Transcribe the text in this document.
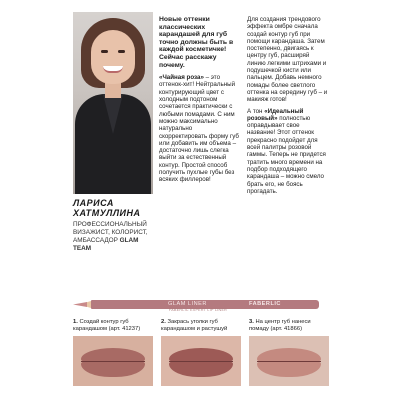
ЛАРИСА
ХАТМУЛЛИНА
ПРОФЕССИОНАЛЬНЫЙ ВИЗАЖИСТ, КОЛОРИСТ, АМБАССАДОР GLAM TEAM
Новые оттенки классических карандашей для губ точно должны быть в каждой косметичке! Сейчас расскажу почему.

«Чайная роза» – это оттенок-хит! Нейтральный контурирующий цвет с холодным подтоном сочетается практически с любыми помадами. С ним можно максимально натурально скорректировать форму губ или добавить им объема – достаточно лишь слегка выйти за естественный контур. Простой способ получить пухлые губы без всяких филлеров!

Для создания трендового эффекта омбре сначала создай контур губ при помощи карандаша. Затем постепенно, двигаясь к центру губ, расширяй линию легкими штрихами и подушечкой кисти или пальцем. Добавь немного помады более светлого оттенка на середину губ – и макияж готов!

А тон «Идеальный розовый» полностью оправдывает свое название! Этот оттенок прекрасно подойдет для всей палитры розовой гаммы. Теперь не придется тратить много времени на подбор подходящего карандаша – можно смело брать его, не боясь прогадать.

GLAM LINER	FABERLIC
FABERLIC EXPERT LIP LINER
1. Создай контур губ карандашом (арт. 41237)
2. Закрась уголки губ карандашом и растушуй
3. На центр губ нанеси помаду (арт. 41866)
